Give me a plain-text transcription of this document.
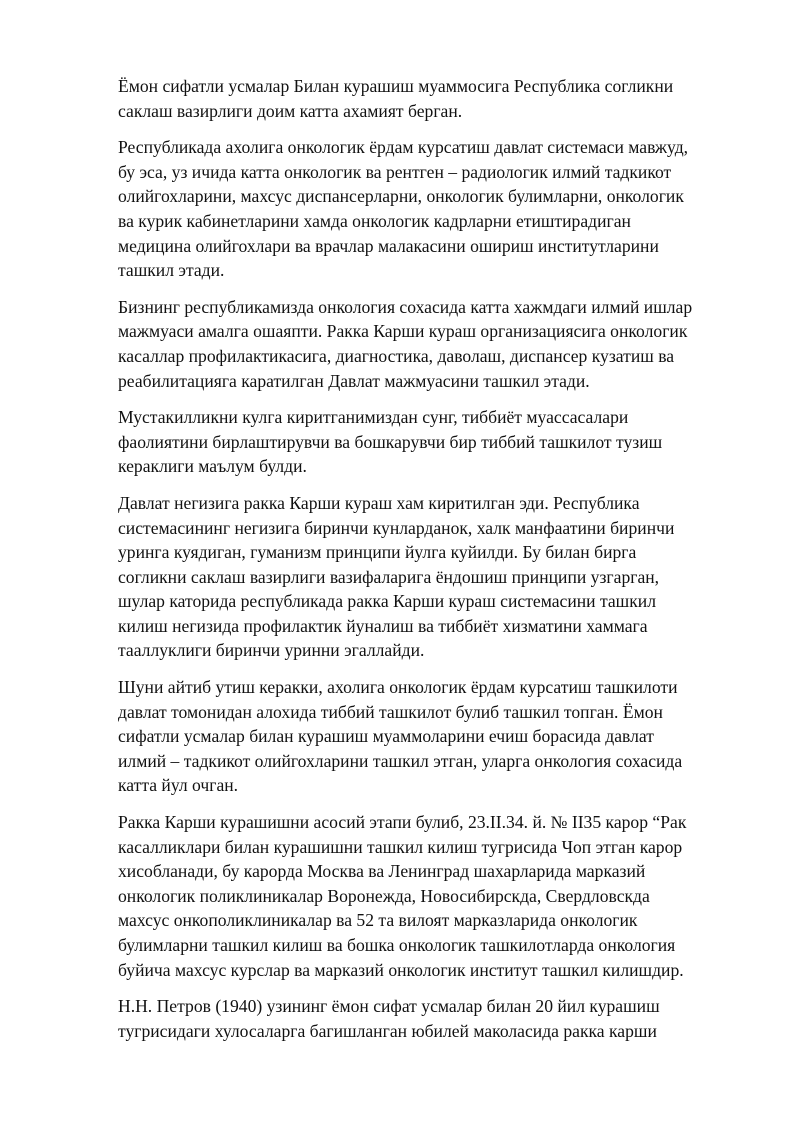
Ёмон сифатли усмалар Билан курашиш муаммосига Республика согликни
саклаш вазирлиги доим катта ахамият берган.

Республикада ахолига онкологик ёрдам курсатиш давлат системаси мавжуд,
бу эса, уз ичида катта онкологик ва рентген – радиологик илмий тадкикот
олийгохларини, махсус диспансерларни, онкологик булимларни, онкологик
ва курик кабинетларини хамда онкологик кадрларни етиштирадиган
медицина олийгохлари ва врачлар малакасини ошириш институтларини
ташкил этади.

Бизнинг республикамизда онкология сохасида катта хажмдаги илмий ишлар
мажмуаси амалга ошаяпти. Ракка Карши кураш организациясига онкологик
касаллар профилактикасига, диагностика, даволаш, диспансер кузатиш ва
реабилитацияга каратилган Давлат мажмуасини ташкил этади.

Мустакилликни кулга киритганимиздан сунг, тиббиёт муассасалари
фаолиятини бирлаштирувчи ва бошкарувчи бир тиббий ташкилот тузиш
кераклиги маълум булди.

Давлат негизига ракка Карши кураш хам киритилган эди. Республика
системасининг негизига биринчи кунларданок, халк манфаатини биринчи
уринга куядиган, гуманизм принципи йулга куйилди. Бу билан бирга
согликни саклаш вазирлиги вазифаларига ёндошиш принципи узгарган,
шулар каторида республикада ракка Карши кураш системасини ташкил
килиш негизида профилактик йуналиш ва тиббиёт хизматини хаммага
тааллуклиги биринчи уринни эгаллайди.

Шуни айтиб утиш керакки, ахолига онкологик ёрдам курсатиш ташкилоти
давлат томонидан алохида тиббий ташкилот булиб ташкил топган. Ёмон
сифатли усмалар билан курашиш муаммоларини ечиш борасида давлат
илмий – тадкикот олийгохларини ташкил этган, уларга онкология сохасида
катта йул очган.

Ракка Карши курашишни асосий этапи булиб, 23.II.34. й. № II35 карор “Рак
касалликлари билан курашишни ташкил килиш тугрисида Чоп этган карор
хисобланади, бу карорда Москва ва Ленинград шахарларида марказий
онкологик поликлиникалар Воронежда, Новосибирскда, Свердловскда
махсус онкополиклиникалар ва 52 та вилоят марказларида онкологик
булимларни ташкил килиш ва бошка онкологик ташкилотларда онкология
буйича махсус курслар ва марказий онкологик институт ташкил килишдир.

Н.Н. Петров (1940) узининг ёмон сифат усмалар билан 20 йил курашиш
тугрисидаги хулосаларга багишланган юбилей маколасида ракка карши
